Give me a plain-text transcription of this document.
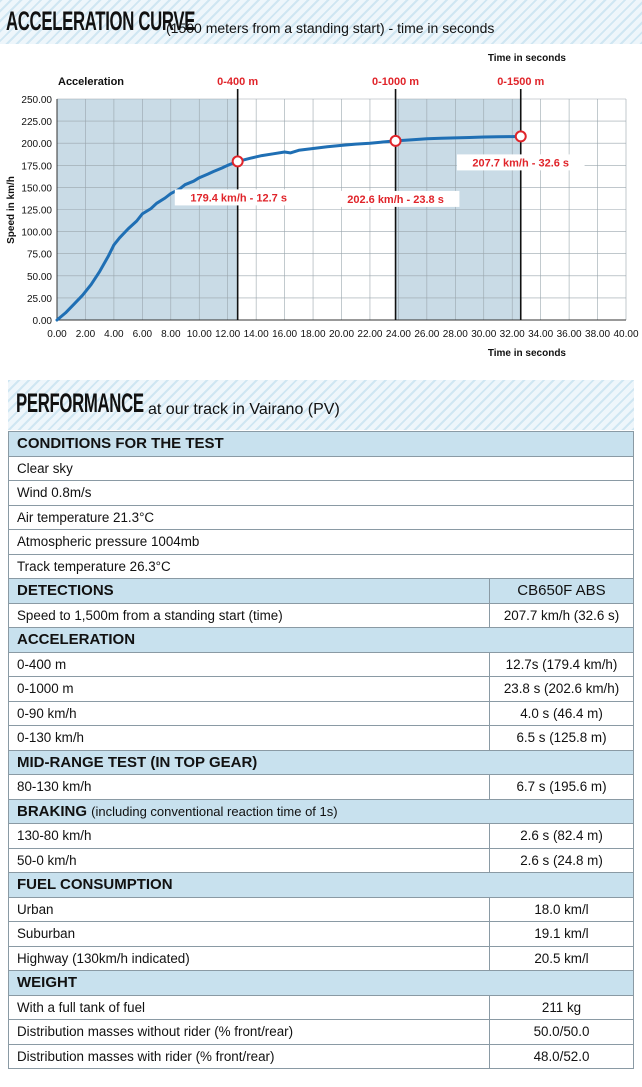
ACCELERATION CURVE
(1500 meters from a standing start) - time in seconds
0.00 2.00 4.00 6.00 8.00 10.00 12.00 14.00 16.00 18.00 20.00 22.00 24.00 26.00 28.00 30.00 32.00 34.00 36.00 38.00 40.00
0.00
25.00
50.00
75.00
100.00
125.00
150.00
175.00
200.00
225.00
250.00
0-400 m	0-1000 m	0-1500 m
Acceleration
Time in seconds
Time in seconds
Speed in km/h	179.4 km/h - 12.7 s	202.6 km/h - 23.8 s
207.7 km/h - 32.6 s
PERFORMANCE at our track in Vairano (PV)
CONDITIONS FOR THE TEST	
Clear sky	
Wind 0.8m/s	
Air temperature 21.3°C	
Atmospheric pressure 1004mb	
Track temperature 26.3°C	
DETECTIONS	CB650F ABS
Speed to 1,500m from a standing start (time)	207.7 km/h (32.6 s)
ACCELERATION	
0-400 m	12.7s (179.4 km/h)
0-1000 m	23.8 s (202.6 km/h)
0-90 km/h	4.0 s (46.4 m)
0-130 km/h	6.5 s (125.8 m)
MID-RANGE TEST (IN TOP GEAR)	
80-130 km/h	6.7 s (195.6 m)
BRAKING (including conventional reaction time of 1s)	
130-80 km/h	2.6 s (82.4 m)
50-0 km/h	2.6 s (24.8 m)
FUEL CONSUMPTION	
Urban	18.0 km/l
Suburban	19.1 km/l
Highway (130km/h indicated)	20.5 km/l
WEIGHT	
With a full tank of fuel	211 kg
Distribution masses without rider (% front/rear)	50.0/50.0
Distribution masses with rider (% front/rear)	48.0/52.0
